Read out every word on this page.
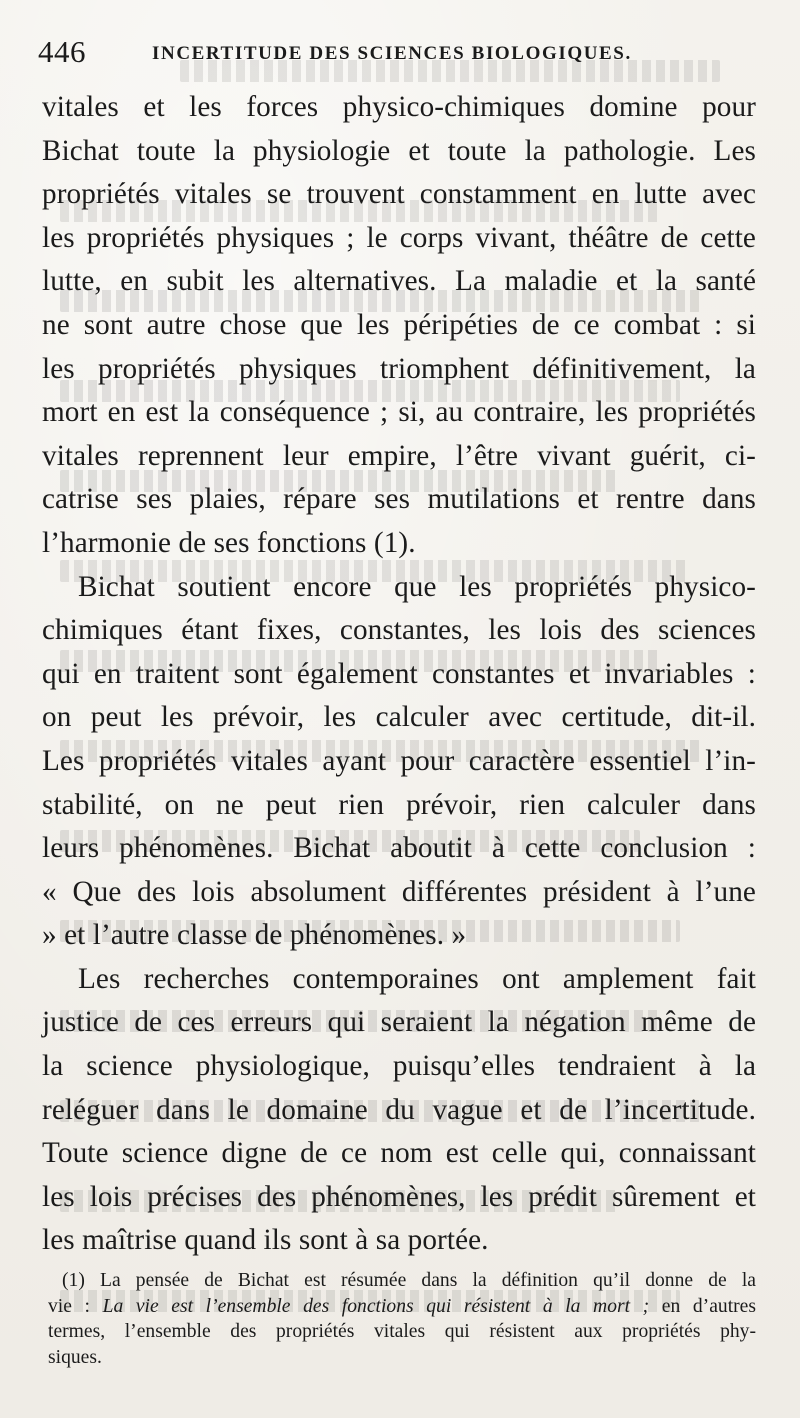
446	INCERTITUDE DES SCIENCES BIOLOGIQUES.

vitales et les forces physico-chimiques domine pour
Bichat toute la physiologie et toute la pathologie. Les
propriétés vitales se trouvent constamment en lutte avec
les propriétés physiques ; le corps vivant, théâtre de cette
lutte, en subit les alternatives. La maladie et la santé
ne sont autre chose que les péripéties de ce combat : si
les propriétés physiques triomphent définitivement, la
mort en est la conséquence ; si, au contraire, les propriétés
vitales reprennent leur empire, l’être vivant guérit, ci-
catrise ses plaies, répare ses mutilations et rentre dans
l’harmonie de ses fonctions (1).

Bichat soutient encore que les propriétés physico-
chimiques étant fixes, constantes, les lois des sciences
qui en traitent sont également constantes et invariables :
on peut les prévoir, les calculer avec certitude, dit-il.
Les propriétés vitales ayant pour caractère essentiel l’in-
stabilité, on ne peut rien prévoir, rien calculer dans
leurs phénomènes. Bichat aboutit à cette conclusion :
« Que des lois absolument différentes président à l’une
» et l’autre classe de phénomènes. »

Les recherches contemporaines ont amplement fait
justice de ces erreurs qui seraient la négation même de
la science physiologique, puisqu’elles tendraient à la
reléguer dans le domaine du vague et de l’incertitude.
Toute science digne de ce nom est celle qui, connaissant
les lois précises des phénomènes, les prédit sûrement et
les maîtrise quand ils sont à sa portée.

(1) La pensée de Bichat est résumée dans la définition qu’il donne de la
vie : La vie est l’ensemble des fonctions qui résistent à la mort ; en d’autres
termes, l’ensemble des propriétés vitales qui résistent aux propriétés phy-
siques.
